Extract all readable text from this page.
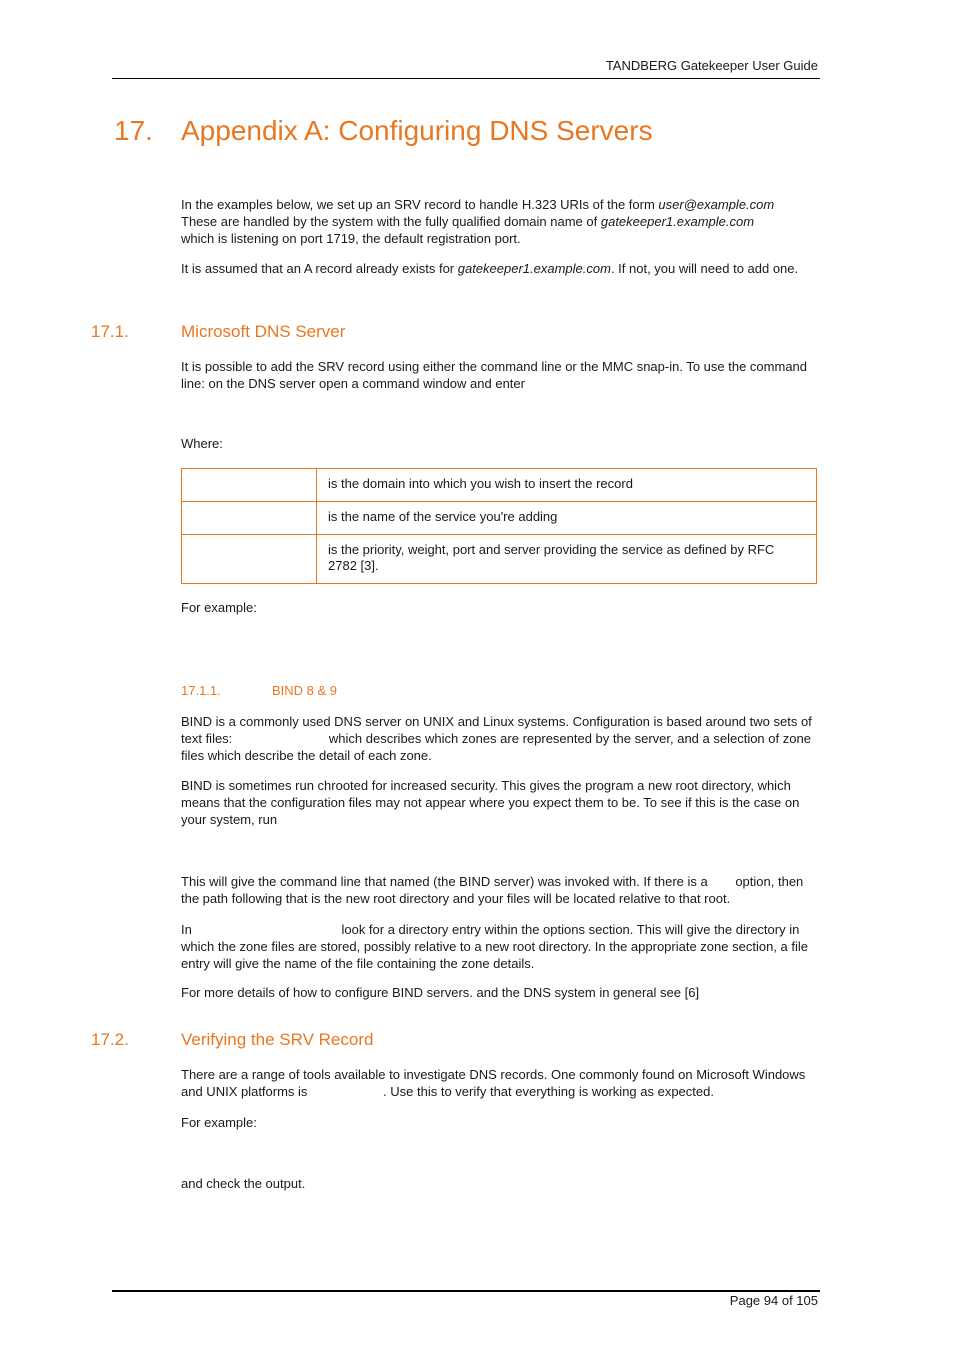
TANDBERG Gatekeeper User Guide
17. Appendix A: Configuring DNS Servers
In the examples below, we set up an SRV record to handle H.323 URIs of the form user@example.com
These are handled by the system with the fully qualified domain name of gatekeeper1.example.com
which is listening on port 1719, the default registration port.
It is assumed that an A record already exists for gatekeeper1.example.com. If not, you will need to add one.
17.1.	Microsoft DNS Server
It is possible to add the SRV record using either the command line or the MMC snap-in. To use the command line: on the DNS server open a command window and enter
Where:
	is the domain into which you wish to insert the record
	is the name of the service you're adding
	is the priority, weight, port and server providing the service as defined by RFC 2782 [3].
For example:
17.1.1.	BIND 8 & 9
BIND is a commonly used DNS server on UNIX and Linux systems. Configuration is based around two sets of text files:	which describes which zones are represented by the server, and a selection of zone files which describe the detail of each zone.
BIND is sometimes run chrooted for increased security. This gives the program a new root directory, which means that the configuration files may not appear where you expect them to be. To see if this is the case on your system, run
This will give the command line that named (the BIND server) was invoked with. If there is a option, then the path following that is the new root directory and your files will be located relative to that root.
In	look for a directory entry within the options section. This will give the directory in which the zone files are stored, possibly relative to a new root directory. In the appropriate zone section, a file entry will give the name of the file containing the zone details.
For more details of how to configure BIND servers. and the DNS system in general see [6]
17.2.	Verifying the SRV Record
There are a range of tools available to investigate DNS records. One commonly found on Microsoft Windows and UNIX platforms is	. Use this to verify that everything is working as expected.
For example:
and check the output.
Page 94 of 105
